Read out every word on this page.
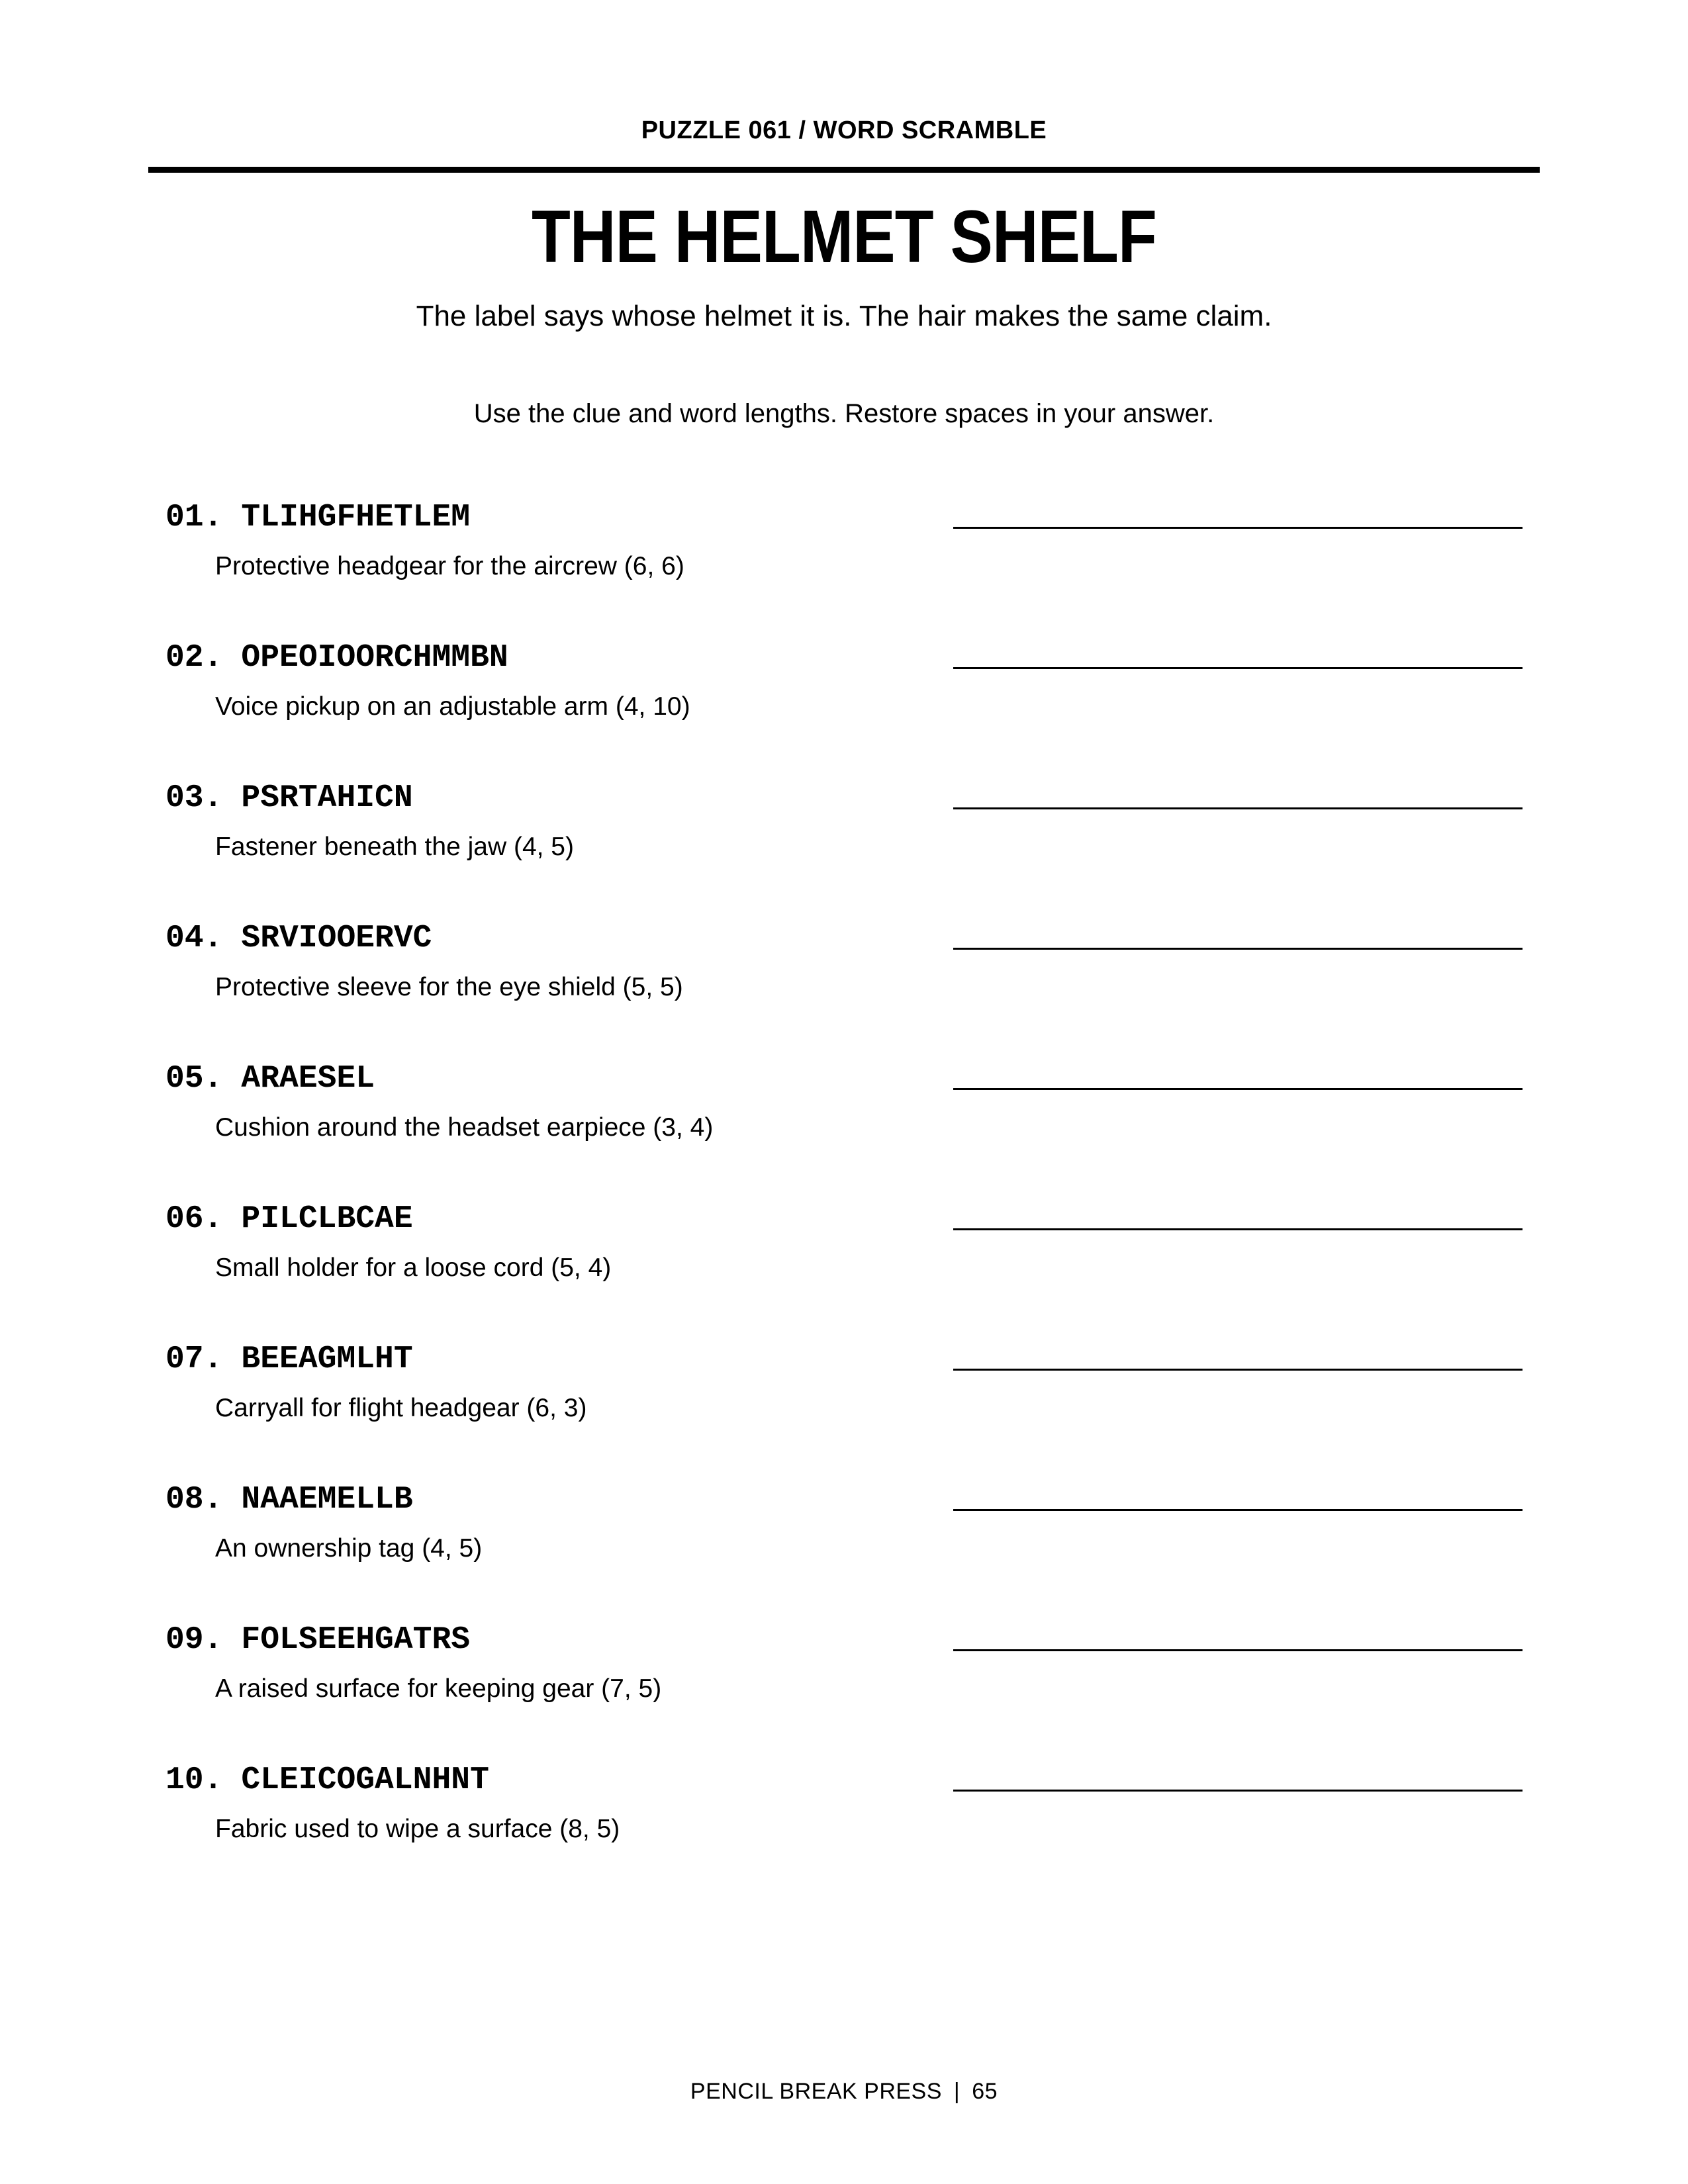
PUZZLE 061 / WORD SCRAMBLE
THE HELMET SHELF
The label says whose helmet it is. The hair makes the same claim.
Use the clue and word lengths. Restore spaces in your answer.
01. TLIHGFHETLEM
Protective headgear for the aircrew (6, 6)
02. OPEOIOORCHMMBN
Voice pickup on an adjustable arm (4, 10)
03. PSRTAHICN
Fastener beneath the jaw (4, 5)
04. SRVIOOERVC
Protective sleeve for the eye shield (5, 5)
05. ARAESEL
Cushion around the headset earpiece (3, 4)
06. PILCLBCAE
Small holder for a loose cord (5, 4)
07. BEEAGMLHT
Carryall for flight headgear (6, 3)
08. NAAEMELLB
An ownership tag (4, 5)
09. FOLSEEHGATRS
A raised surface for keeping gear (7, 5)
10. CLEICOGALNHNT
Fabric used to wipe a surface (8, 5)
PENCIL BREAK PRESS | 65
